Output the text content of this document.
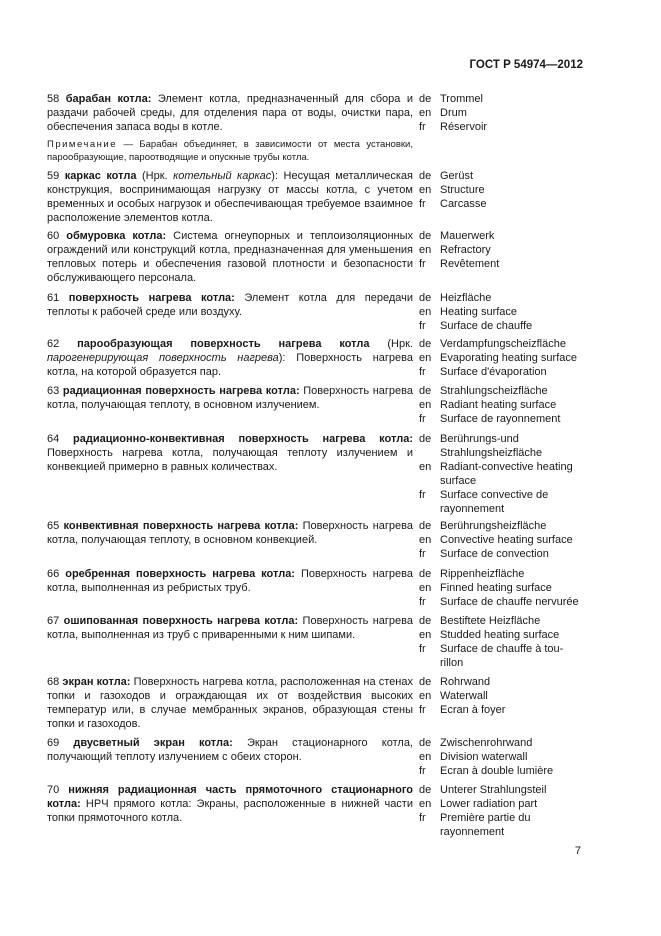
ГОСТ Р 54974—2012
58 барабан котла: Элемент котла, предназначенный для сбора и раздачи рабочей среды, для отделения пара от воды, очистки пара, обеспечения запаса воды в котле.
de
en
fr
Trommel
Drum
Réservoir
Примечание — Барабан объединяет, в зависимости от места установки, парообразующие, пароотводящие и опускные трубы котла.
59 каркас котла (Нрк. котельный каркас): Несущая металлическая конструкция, воспринимающая нагрузку от массы котла, с учетом временных и особых нагрузок и обеспечивающая требуемое взаимное расположение элементов котла.
de
en
fr
Gerüst
Structure
Carcasse
60 обмуровка котла: Система огнеупорных и теплоизоляционных ограждений или конструкций котла, предназначенная для уменьшения тепловых потерь и обеспечения газовой плотности и безопасности обслуживающего персонала.
de
en
fr
Mauerwerk
Refractory
Revêtement
61 поверхность нагрева котла: Элемент котла для передачи теплоты к рабочей среде или воздуху.
de
en
fr
Heizfläche
Heating surface
Surface de chauffe
62 парообразующая поверхность нагрева котла (Нрк. парогенерирующая поверхность нагрева): Поверхность нагрева котла, на которой образуется пар.
de
en
fr
Verdampfungscheizfläche
Evaporating heating surface
Surface d'évaporation
63 радиационная поверхность нагрева котла: Поверхность нагрева котла, получающая теплоту, в основном излучением.
de
en
fr
Strahlungscheizfläche
Radiant heating surface
Surface de rayonnement
64 радиационно-конвективная поверхность нагрева котла: Поверхность нагрева котла, получающая теплоту излучением и конвекцией примерно в равных количествах.
de
en
fr
Berührungs-und
Strahlungsheizfläche
Radiant-convective heating
surface
Surface convective de
rayonnement
65 конвективная поверхность нагрева котла: Поверхность нагрева котла, получающая теплоту, в основном конвекцией.
de
en
fr
Berührungsheizfläche
Convective heating surface
Surface de convection
66 оребренная поверхность нагрева котла: Поверхность нагрева котла, выполненная из ребристых труб.
de
en
fr
Rippenheizfläche
Finned heating surface
Surface de chauffe nervurée
67 ошипованная поверхность нагрева котла: Поверхность нагрева котла, выполненная из труб с приваренными к ним шипами.
de
en
fr
Bestiftete Heizfläche
Studded heating surface
Surface de chauffe à tou-
rillon
68 экран котла: Поверхность нагрева котла, расположенная на стенах топки и газоходов и ограждающая их от воздействия высоких температур или, в случае мембранных экранов, образующая стены топки и газоходов.
de
en
fr
Rohrwand
Waterwall
Ecran à foyer
69 двусветный экран котла: Экран стационарного котла, получающий теплоту излучением с обеих сторон.
de
en
fr
Zwischenrohrwand
Division waterwall
Ecran à double lumière
70 нижняя радиационная часть прямоточного стационарного котла: НРЧ прямого котла: Экраны, расположенные в нижней части топки прямоточного котла.
de
en
fr
Unterer Strahlungsteil
Lower radiation part
Première partie du
rayonnement
7
